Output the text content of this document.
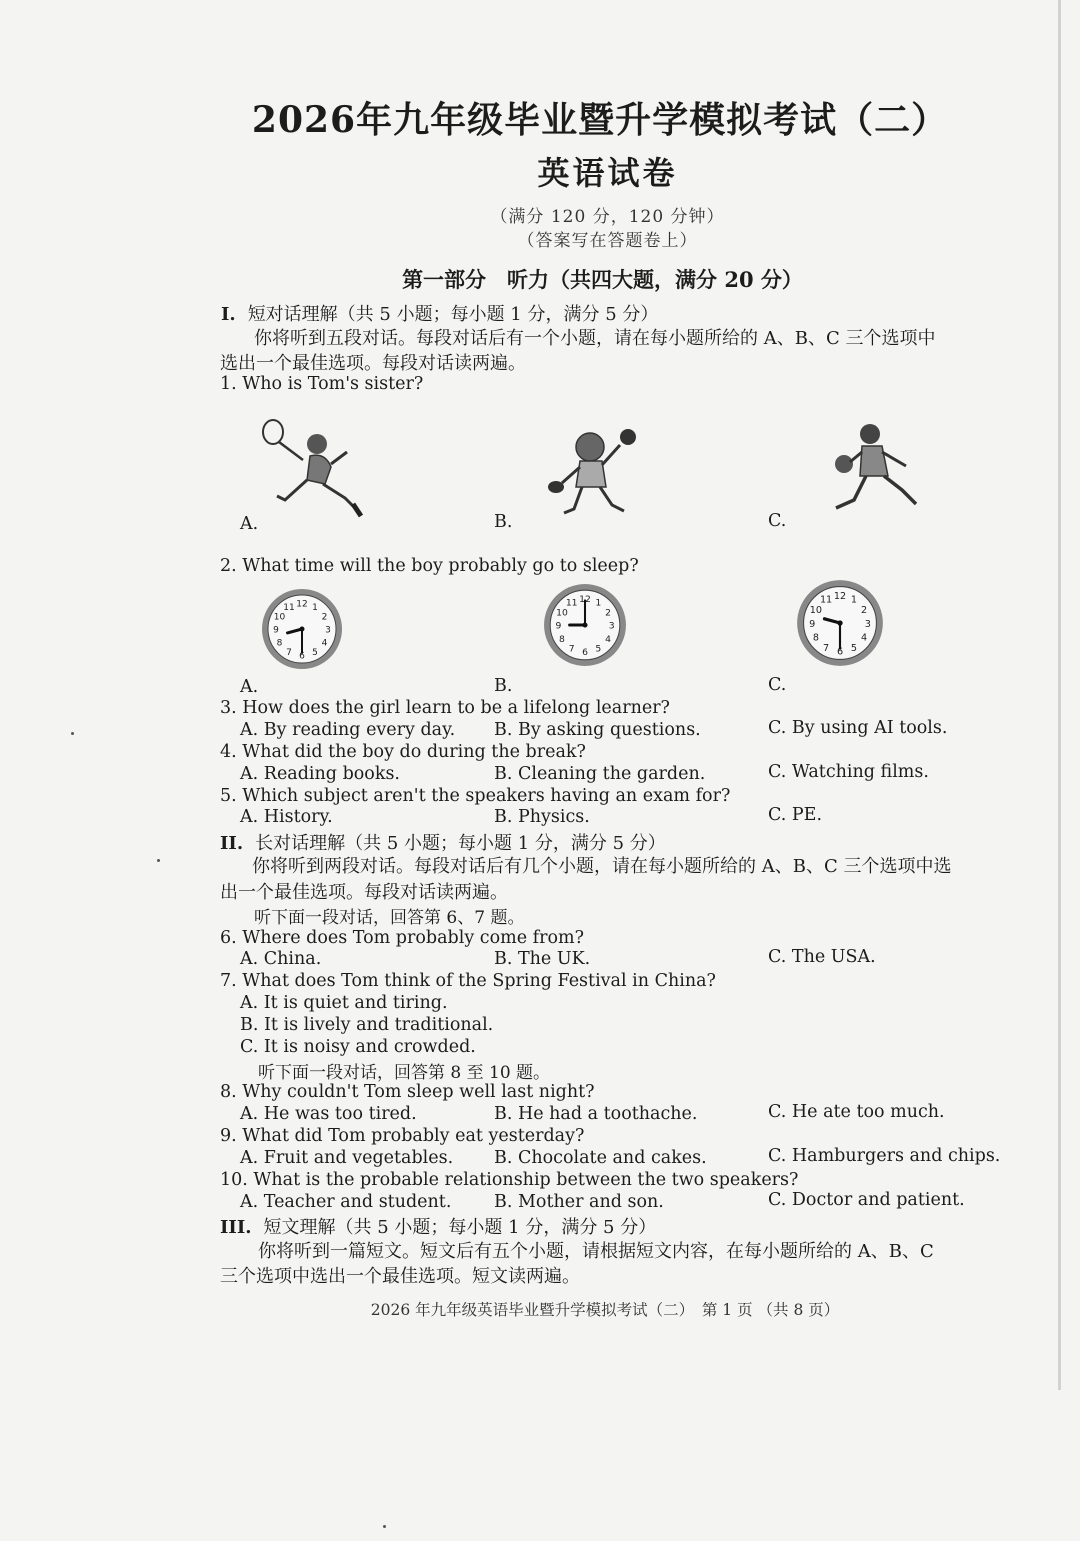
2026年九年级毕业暨升学模拟考试（二）
英语试卷
（满分 120 分，120 分钟）
（答案写在答题卷上）
第一部分　听力（共四大题，满分 20 分）
I. 短对话理解（共 5 小题；每小题 1 分，满分 5 分）
你将听到五段对话。每段对话后有一个小题，请在每小题所给的 A、B、C 三个选项中
选出一个最佳选项。每段对话读两遍。
1. Who is Tom's sister?
A.	B.	C.
2. What time will the boy probably go to sleep?
1
2
3
4
5
6
7
8
9
10
11 12	1
2
3
4
5
6
7
8
9
10
11 12	1
2
3
4
5
6
7
8
9
10
11 12
A.	B.	C.
3. How does the girl learn to be a lifelong learner?
A. By reading every day. B. By asking questions.	C. By using AI tools.
4. What did the boy do during the break?
A. Reading books.	B. Cleaning the garden.	C. Watching films.
5. Which subject aren't the speakers having an exam for?
A. History.	B. Physics.	C. PE.
II. 长对话理解（共 5 小题；每小题 1 分，满分 5 分）
你将听到两段对话。每段对话后有几个小题，请在每小题所给的 A、B、C 三个选项中选
出一个最佳选项。每段对话读两遍。
听下面一段对话，回答第 6、7 题。
6. Where does Tom probably come from?
A. China.	B. The UK.	C. The USA.
7. What does Tom think of the Spring Festival in China?
A. It is quiet and tiring.
B. It is lively and traditional.
C. It is noisy and crowded.
听下面一段对话，回答第 8 至 10 题。
8. Why couldn't Tom sleep well last night?
A. He was too tired.	B. He had a toothache.	C. He ate too much.
9. What did Tom probably eat yesterday?
A. Fruit and vegetables. B. Chocolate and cakes.	C. Hamburgers and chips.
10. What is the probable relationship between the two speakers?
A. Teacher and student. B. Mother and son.	C. Doctor and patient.
III. 短文理解（共 5 小题；每小题 1 分，满分 5 分）
你将听到一篇短文。短文后有五个小题，请根据短文内容，在每小题所给的 A、B、C
三个选项中选出一个最佳选项。短文读两遍。
2026 年九年级英语毕业暨升学模拟考试（二）　第 1 页 （共 8 页）
